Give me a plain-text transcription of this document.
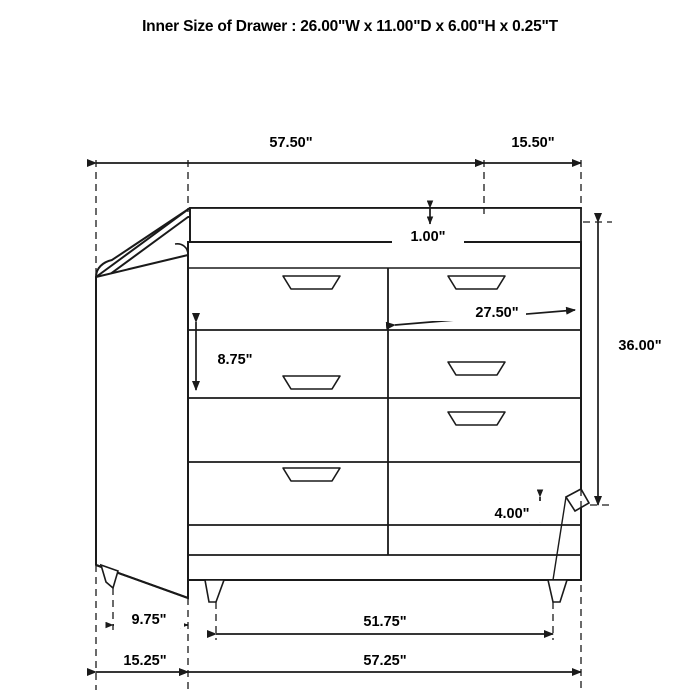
Inner Size of Drawer : 26.00"W x 11.00"D x 6.00"H x 0.25"T
57.50"	15.50"
1.00"
36.00"
27.50"
8.75"
4.00"
9.75"	51.75"
15.25"	57.25"
